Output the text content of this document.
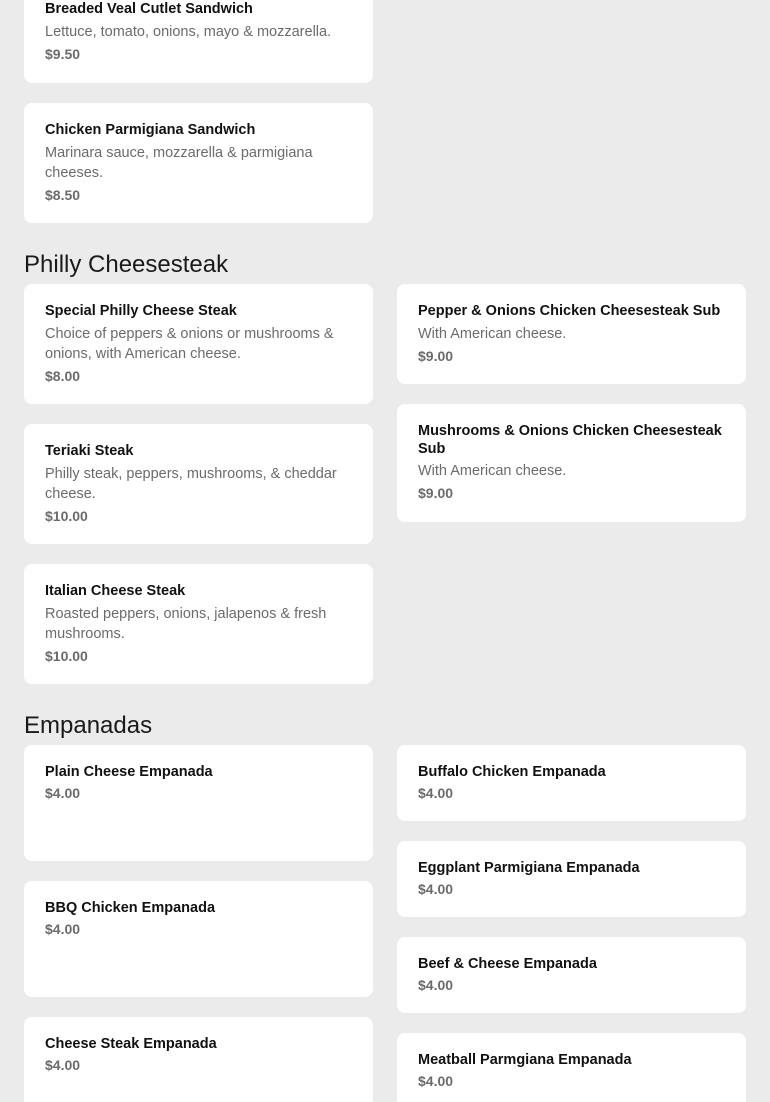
Breaded Veal Cutlet Sandwich
Lettuce, tomato, onions, mayo & mozzarella.
$9.50
Chicken Parmigiana Sandwich
Marinara sauce, mozzarella & parmigiana cheeses.
$8.50
Philly Cheesesteak
Special Philly Cheese Steak
Choice of peppers & onions or mushrooms & onions, with American cheese.
$8.00
Pepper & Onions Chicken Cheesesteak Sub
With American cheese.
$9.00
Teriaki Steak
Philly steak, peppers, mushrooms, & cheddar cheese.
$10.00
Mushrooms & Onions Chicken Cheesesteak Sub
With American cheese.
$9.00
Italian Cheese Steak
Roasted peppers, onions, jalapenos & fresh mushrooms.
$10.00
Empanadas
Plain Cheese Empanada
$4.00
Buffalo Chicken Empanada
$4.00
Eggplant Parmigiana Empanada
$4.00
BBQ Chicken Empanada
$4.00
Beef & Cheese Empanada
$4.00
Cheese Steak Empanada
$4.00	Meatball Parmgiana Empanada
$4.00
